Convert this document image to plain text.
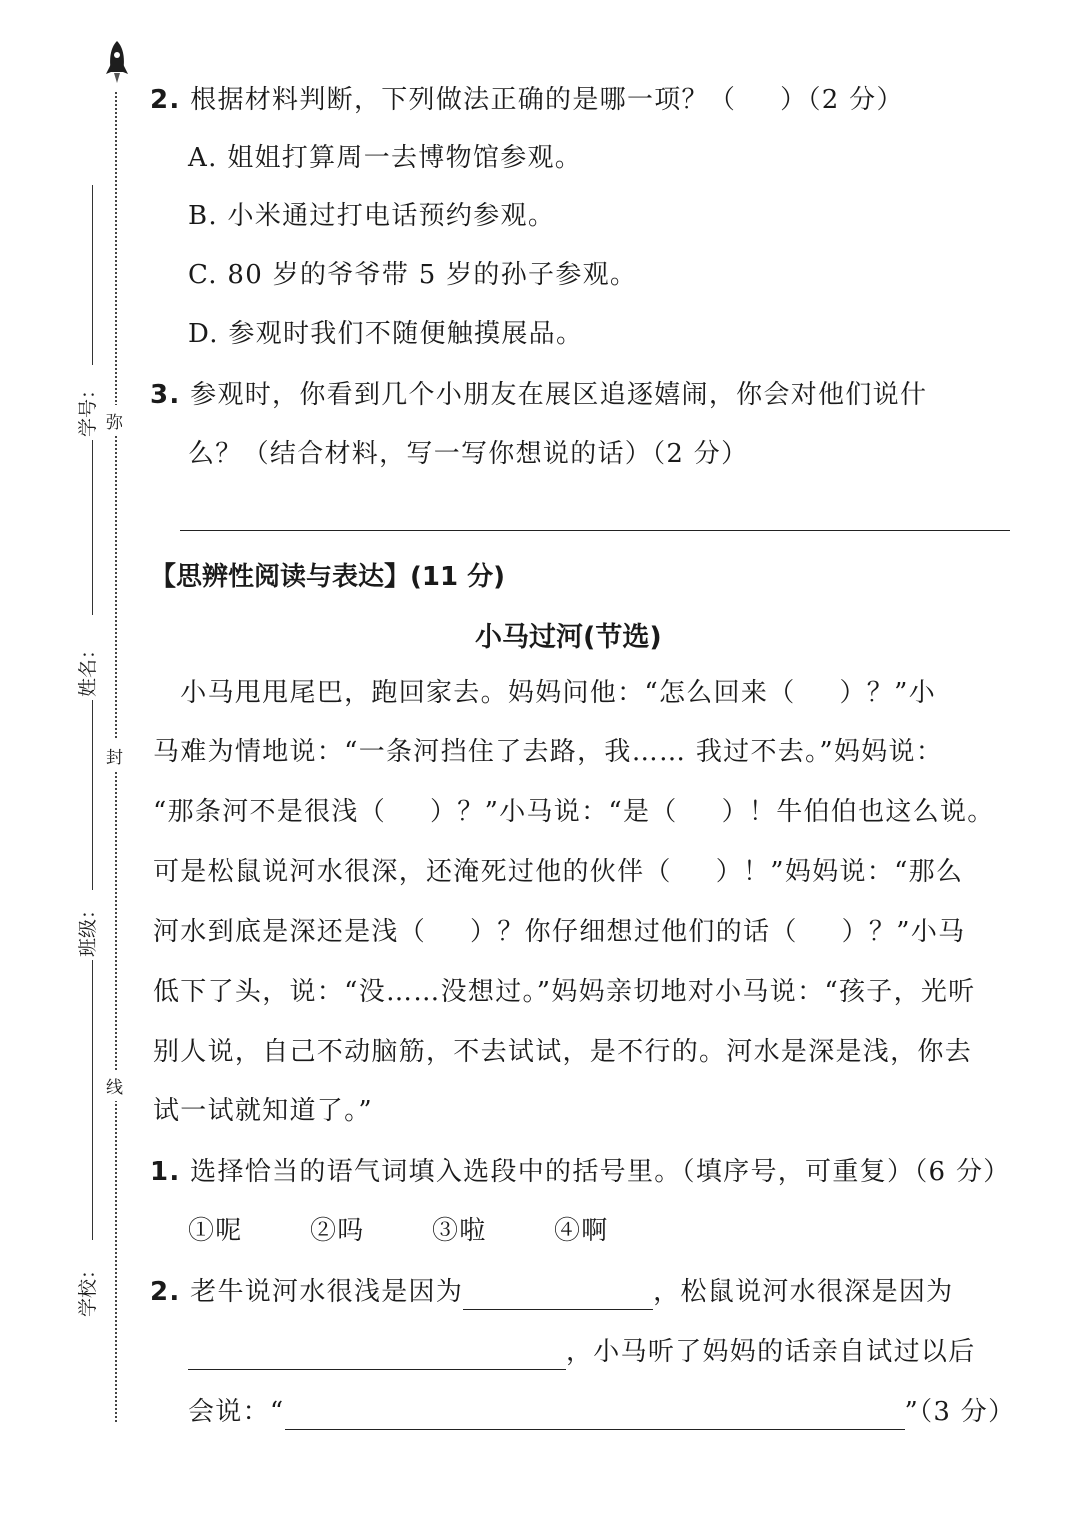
学号：
姓名：
班级：
学校：
弥
封
线
2. 根据材料判断，下列做法正确的是哪一项？（ ）（2 分）
A. 姐姐打算周一去博物馆参观。
B. 小米通过打电话预约参观。
C. 80 岁的爷爷带 5 岁的孙子参观。
D. 参观时我们不随便触摸展品。
3. 参观时，你看到几个小朋友在展区追逐嬉闹，你会对他们说什
么？（结合材料，写一写你想说的话）（2 分）
【思辨性阅读与表达】(11 分)
小马过河(节选)
　小马甩甩尾巴，跑回家去。妈妈问他：“怎么回来（ ）？”小
马难为情地说：“一条河挡住了去路，我…… 我过不去。”妈妈说：
“那条河不是很浅（ ）？”小马说：“是（ ）！牛伯伯也这么说。
可是松鼠说河水很深，还淹死过他的伙伴（ ）！”妈妈说：“那么
河水到底是深还是浅（ ）？你仔细想过他们的话（ ）？”小马
低下了头，说：“没……没想过。”妈妈亲切地对小马说：“孩子，光听
别人说，自己不动脑筋，不去试试，是不行的。河水是深是浅，你去
试一试就知道了。”
1. 选择恰当的语气词填入选段中的括号里。（填序号，可重复）（6 分）
①呢	②吗	③啦	④啊
2. 老牛说河水很浅是因为	，松鼠说河水很深是因为
，小马听了妈妈的话亲自试过以后
会说：“	”（3 分）
